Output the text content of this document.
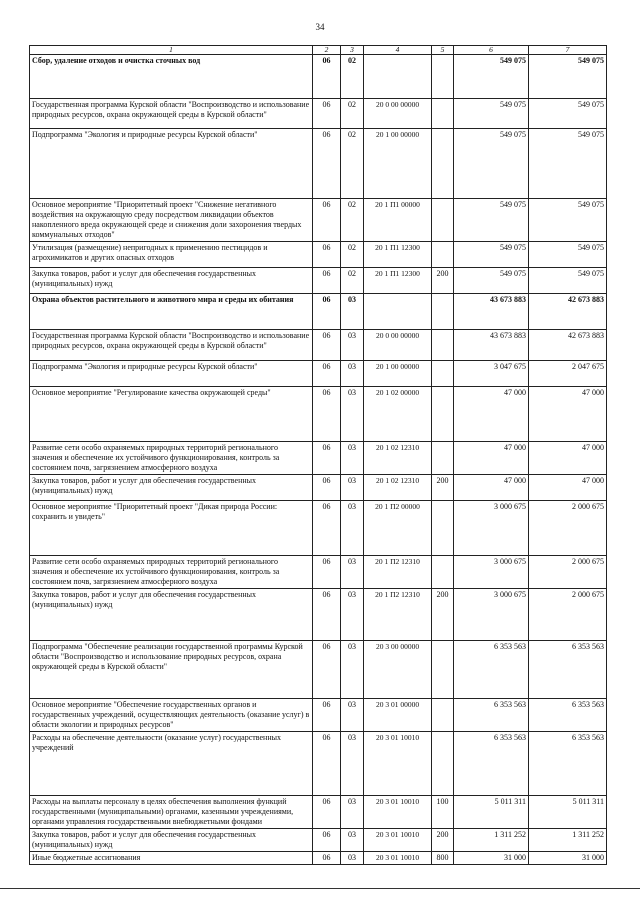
34
1	2	3	4	5	6	7
Сбор, удаление отходов и очистка сточных вод	06	02			549 075	549 075
Государственная программа Курской области "Воспроизводство и использование природных ресурсов, охрана окружающей среды в Курской области"	06	02	20 0 00 00000		549 075	549 075
Подпрограмма "Экология и природные ресурсы Курской области"	06	02	20 1 00 00000		549 075	549 075
Основное мероприятие "Приоритетный проект "Снижение негативного воздействия на окружающую среду посредством ликвидации объектов накопленного вреда окружающей среде и снижения доли захоронения твердых коммунальных отходов"	06	02	20 1 П1 00000		549 075	549 075
Утилизация (размещение) непригодных к применению пестицидов и агрохимикатов и других опасных отходов	06	02	20 1 П1 12300		549 075	549 075
Закупка товаров, работ и услуг для обеспечения государственных (муниципальных) нужд	06	02	20 1 П1 12300	200	549 075	549 075
Охрана объектов растительного и животного мира и среды их обитания	06	03			43 673 883	42 673 883
Государственная программа Курской области "Воспроизводство и использование природных ресурсов, охрана окружающей среды в Курской области"	06	03	20 0 00 00000		43 673 883	42 673 883
Подпрограмма "Экология и природные ресурсы Курской области"	06	03	20 1 00 00000		3 047 675	2 047 675
Основное мероприятие "Регулирование качества окружающей среды"	06	03	20 1 02 00000		47 000	47 000
Развитие сети особо охраняемых природных территорий регионального значения и обеспечение их устойчивого функционирования, контроль за состоянием почв, загрязнением атмосферного воздуха	06	03	20 1 02 12310		47 000	47 000
Закупка товаров, работ и услуг для обеспечения государственных (муниципальных) нужд	06	03	20 1 02 12310	200	47 000	47 000
Основное мероприятие "Приоритетный проект "Дикая природа России: сохранить и увидеть"	06	03	20 1 П2 00000		3 000 675	2 000 675
Развитие сети особо охраняемых природных территорий регионального значения и обеспечение их устойчивого функционирования, контроль за состоянием почв, загрязнением атмосферного воздуха	06	03	20 1 П2 12310		3 000 675	2 000 675
Закупка товаров, работ и услуг для обеспечения государственных (муниципальных) нужд	06	03	20 1 П2 12310	200	3 000 675	2 000 675
Подпрограмма "Обеспечение реализации государственной программы Курской области "Воспроизводство и использование природных ресурсов, охрана окружающей среды в Курской области"	06	03	20 3 00 00000		6 353 563	6 353 563
Основное мероприятие "Обеспечение государственных органов и государственных учреждений, осуществляющих деятельность (оказание услуг) в области экологии и природных ресурсов"	06	03	20 3 01 00000		6 353 563	6 353 563
Расходы на обеспечение деятельности (оказание услуг) государственных учреждений	06	03	20 3 01 10010		6 353 563	6 353 563
Расходы на выплаты персоналу в целях обеспечения выполнения функций государственными (муниципальными) органами, казенными учреждениями, органами управления государственными внебюджетными фондами	06	03	20 3 01 10010	100	5 011 311	5 011 311
Закупка товаров, работ и услуг для обеспечения государственных (муниципальных) нужд	06	03	20 3 01 10010	200	1 311 252	1 311 252
Иные бюджетные ассигнования	06	03	20 3 01 10010	800	31 000	31 000
